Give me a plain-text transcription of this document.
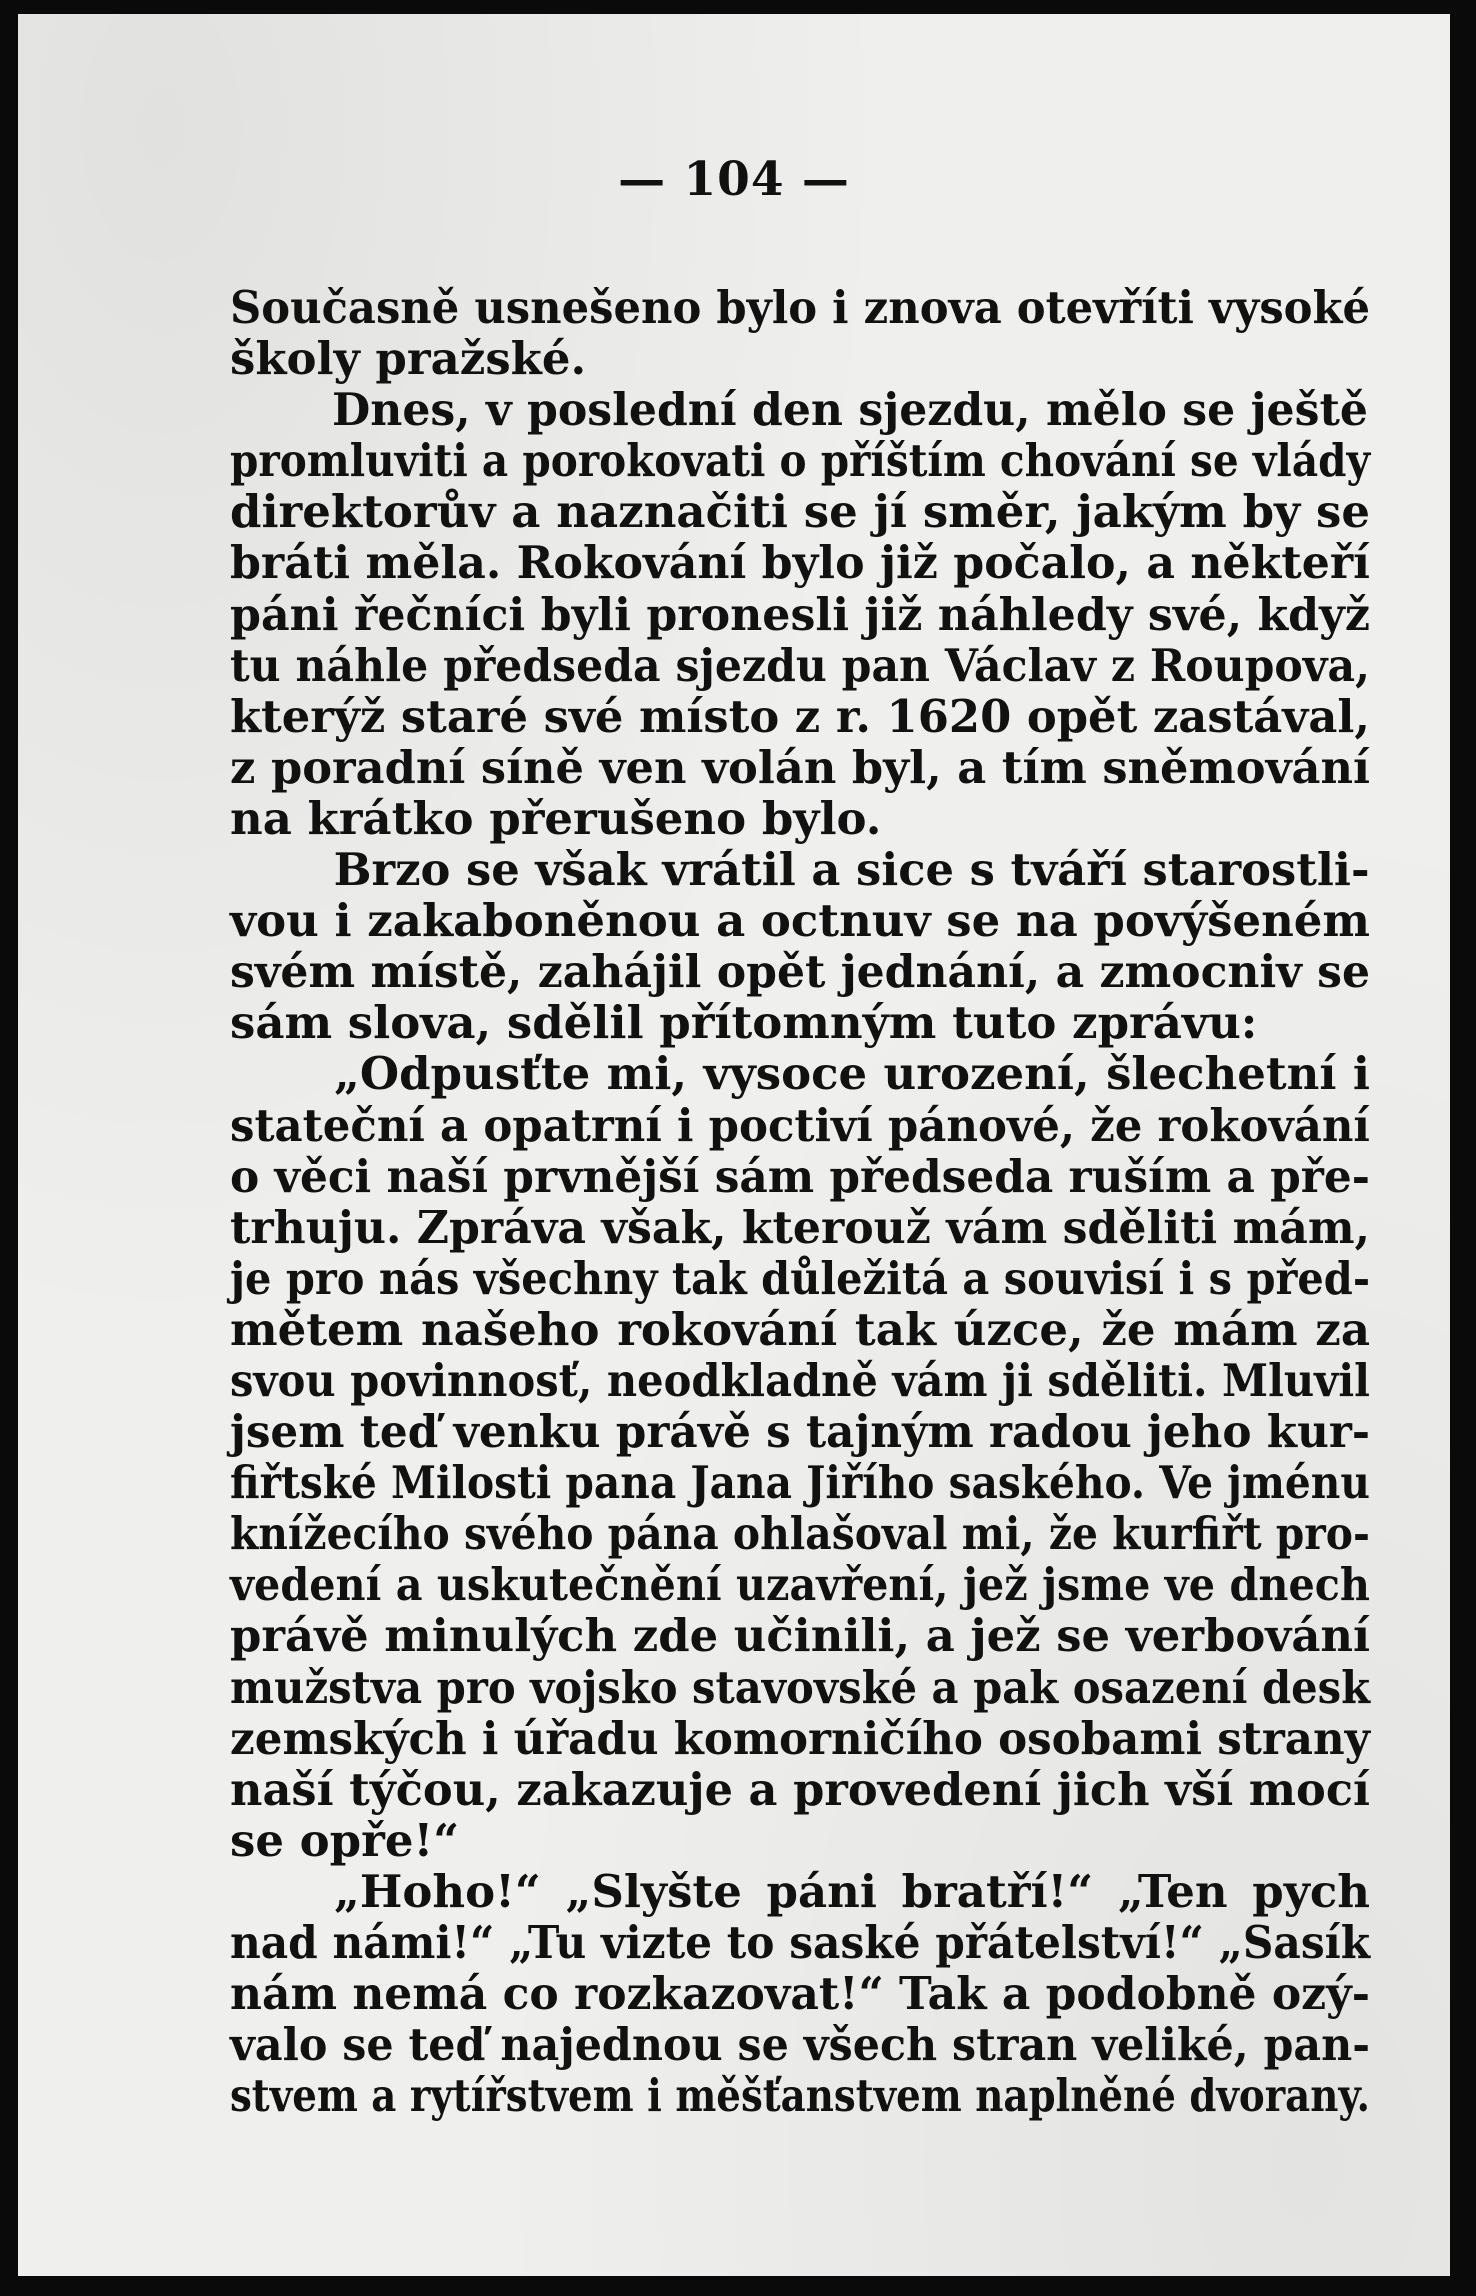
— 104 —
Současně usnešeno bylo i znova otevříti vysoké
školy pražské.
Dnes, v poslední den sjezdu, mělo se ještě
promluviti a porokovati o příštím chování se vlády
direktorův a naznačiti se jí směr, jakým by se
bráti měla. Rokování bylo již počalo, a někteří
páni řečníci byli pronesli již náhledy své, když
tu náhle předseda sjezdu pan Václav z Roupova,
kterýž staré své místo z r. 1620 opět zastával,
z poradní síně ven volán byl, a tím sněmování
na krátko přerušeno bylo.
Brzo se však vrátil a sice s tváří starostli-
vou i zakaboněnou a octnuv se na povýšeném
svém místě, zahájil opět jednání, a zmocniv se
sám slova, sdělil přítomným tuto zprávu:
„Odpusťte mi, vysoce urození, šlechetní i
stateční a opatrní i poctiví pánové, že rokování
o věci naší prvnější sám předseda ruším a pře-
trhuju. Zpráva však, kterouž vám sděliti mám,
je pro nás všechny tak důležitá a souvisí i s před-
mětem našeho rokování tak úzce, že mám za
svou povinnosť, neodkladně vám ji sděliti. Mluvil
jsem teď venku právě s tajným radou jeho kur-
fiřtské Milosti pana Jana Jiřího saského. Ve jménu
knížecího svého pána ohlašoval mi, že kurfiřt pro-
vedení a uskutečnění uzavření, jež jsme ve dnech
právě minulých zde učinili, a jež se verbování
mužstva pro vojsko stavovské a pak osazení desk
zemských i úřadu komorničího osobami strany
naší týčou, zakazuje a provedení jich vší mocí
se opře!“
„Hoho!“ „Slyšte páni bratří!“ „Ten pych
nad námi!“ „Tu vizte to saské přátelství!“ „Sasík
nám nemá co rozkazovat!“ Tak a podobně ozý-
valo se teď najednou se všech stran veliké, pan-
stvem a rytířstvem i měšťanstvem naplněné dvorany.
